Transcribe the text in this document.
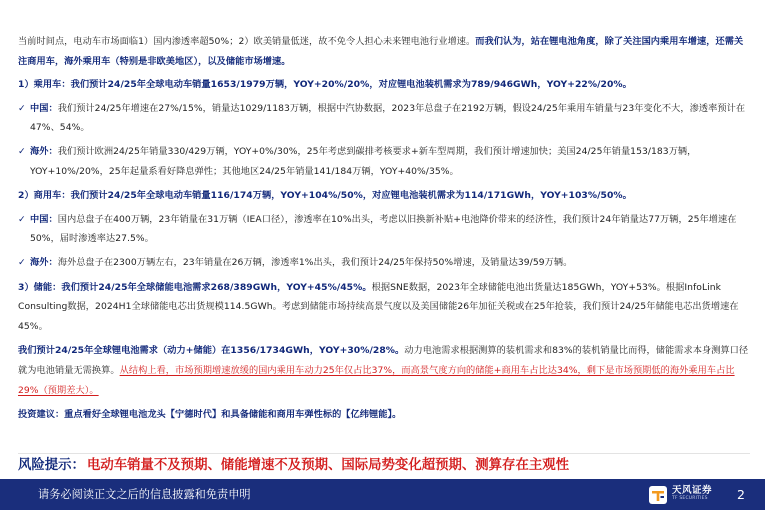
当前时间点，电动车市场面临1）国内渗透率超50%；2）欧美销量低迷，故不免令人担心未来锂电池行业增速。而我们认为，站在锂电池角度，除了关注国内乘用车增速，还需关注商用车，海外乘用车（特别是非欧美地区），以及储能市场增速。

1）乘用车：我们预计24/25年全球电动车销量1653/1979万辆，YOY+20%/20%，对应锂电池装机需求为789/946GWh，YOY+22%/20%。

✓ 中国：我们预计24/25年增速在27%/15%，销量达1029/1183万辆，根据中汽协数据，2023年总盘子在2192万辆，假设24/25年乘用车销量与23年变化不大，渗透率预计在47%、54%。

✓ 海外：我们预计欧洲24/25年销量330/429万辆，YOY+0%/30%，25年考虑到碳排考核要求+新车型周期，我们预计增速加快；美国24/25年销量153/183万辆，YOY+10%/20%，25年起量系看好降息弹性；其他地区24/25年销量141/184万辆，YOY+40%/35%。

2）商用车：我们预计24/25年全球电动车销量116/174万辆，YOY+104%/50%，对应锂电池装机需求为114/171GWh，YOY+103%/50%。

✓ 中国：国内总盘子在400万辆，23年销量在31万辆（IEA口径），渗透率在10%出头，考虑以旧换新补贴+电池降价带来的经济性，我们预计24年销量达77万辆，25年增速在50%，届时渗透率达27.5%。

✓ 海外：海外总盘子在2300万辆左右，23年销量在26万辆，渗透率1%出头，我们预计24/25年保持50%增速，及销量达39/59万辆。

3）储能：我们预计24/25年全球储能电池需求268/389GWh，YOY+45%/45%。根据SNE数据，2023年全球储能电池出货量达185GWh，YOY+53%。根据InfoLink Consulting数据，2024H1全球储能电芯出货规模114.5GWh。考虑到储能市场持续高景气度以及美国储能26年加征关税或在25年抢装，我们预计24/25年储能电芯出货增速在45%。

我们预计24/25年全球锂电池需求（动力+储能）在1356/1734GWh，YOY+30%/28%。动力电池需求根据测算的装机需求和83%的装机销量比而得，储能需求本身测算口径就为电池销量无需换算。从结构上看，市场预期增速放缓的国内乘用车动力25年仅占比37%，而高景气度方向的储能+商用车占比达34%，剩下是市场预期低的海外乘用车占比29%（预期差大）。

投资建议：重点看好全球锂电池龙头【宁德时代】和具备储能和商用车弹性标的【亿纬锂能】。

风险提示： 电动车销量不及预期、储能增速不及预期、国际局势变化超预期、测算存在主观性
请务必阅读正文之后的信息披露和免责申明	天风证券
TF SECURITIES 2
